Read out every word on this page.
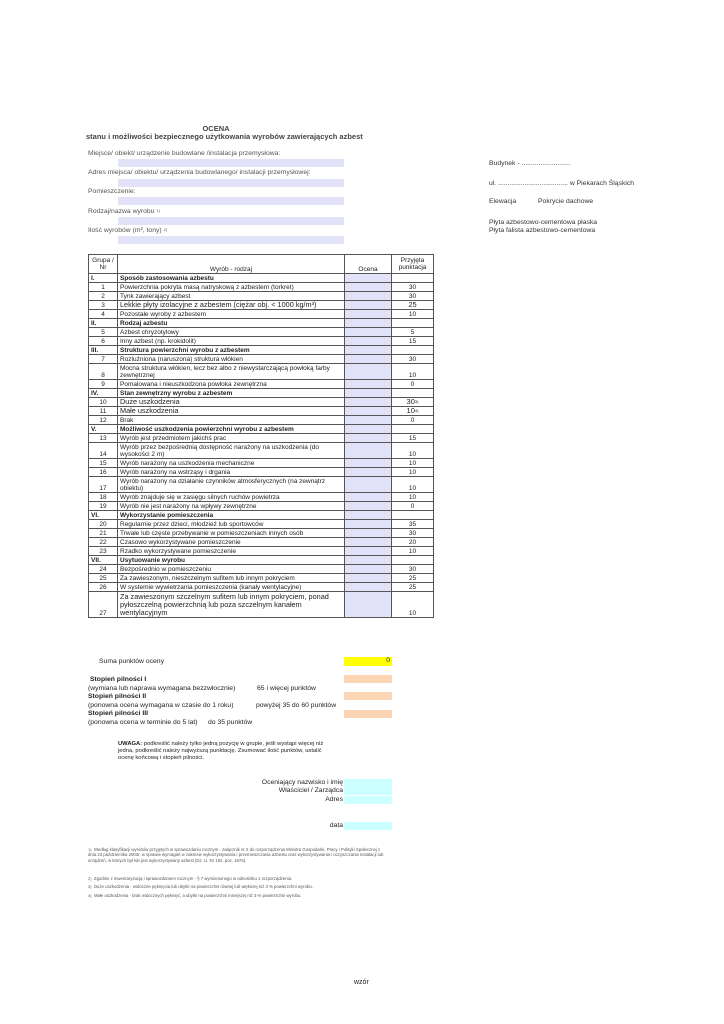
OCENA
stanu i możliwości bezpiecznego użytkowania wyrobów zawierających azbest
Miejsce/ obiekt/ urządzenie budowlane /instalacja przemysłowa:
Adres miejsca/ obiektu/ urządzenia budowlanego/ instalacji przemysłowej:
Pomieszczenie:
Rodzaj/nazwa wyrobu $^{1)}$
Ilość wyrobów (m², tony) $^{2)}$
Budynek - ..........................
ul. ..................................... w Piekarach Śląskich
Elewacja	Pokrycie dachowe
Płyta azbestowo-cementowa płaska
Płyta falista azbestowo-cementowa
Grupa / Nr	Wyrób - rodzaj	Ocena	Przyjęta punktacja
I.	Sposób zastosowania azbestu		
1	Powierzchnia pokryta masą natryskową z azbestem (torkret)		30
2	Tynk zawierający azbest		30
3	Lekkie płyty izolacyjne z azbestem (ciężar obj. < 1000 kg/m³)		25
4	Pozostałe wyroby z azbestem		10
II.	Rodzaj azbestu		
5	Azbest chryzotylowy		5
6	Inny azbest (np. krokidolit)		15
III.	Struktura powierzchni wyrobu z azbestem		
7	Rozluźniona (naruszona) struktura włókien		30
8	Mocna struktura włókien, lecz bez albo z niewystarczającą powłoką farby zewnętrznej		10
9	Pomalowana i nieuszkodzona powłoka zewnętrzna		0
IV.	Stan zewnętrzny wyrobu z azbestem		
10	Duże uszkodzenia		30$^{3)}$
11	Małe uszkodzenia		10$^{4)}$
12	Brak		0
V.	Możliwość uszkodzenia powierzchni wyrobu z azbestem		
13	Wyrób jest przedmiotem jakichś prac		15
14	Wyrób przez bezpośrednią dostępność narażony na uszkodzenia (do wysokości 2 m)		10
15	Wyrób narażony na uszkodzenia mechaniczne		10
16	Wyrób narażony na wstrząsy i drgania		10
17	Wyrób narażony na działanie czynników atmosferycznych (na zewnątrz obiektu)		10
18	Wyrób znajduje się w zasięgu silnych ruchów powietrza		10
19	Wyrób nie jest narażony na wpływy zewnętrzne		0
VI.	Wykorzystanie pomieszczenia		
20	Regularnie przez dzieci, młodzież lub sportowców		35
21	Trwałe lub częste przebywanie w pomieszczeniach innych osób		30
22	Czasowo wykorzystywane pomieszczenie		20
23	Rzadko wykorzystywane pomieszczenie		10
VII.	Usytuowanie wyrobu		
24	Bezpośrednio w pomieszczeniu		30
25	Za zawieszonym, nieszczelnym sufitem lub innym pokryciem		25
26	W systemie wywietrzania pomieszczenia (kanały wentylacyjne)		25
27	Za zawieszonym szczelnym sufitem lub innym pokryciem, ponad pyłoszczelną powierzchnią lub poza szczelnym kanałem wentylacyjnym		10
Suma punktów oceny	0
Stopień pilności I
(wymiana lub naprawa wymagana bezzwłocznie)	65 i więcej punktów
Stopień pilności II
(ponowna ocena wymagana w czasie do 1 roku)	powyżej 35 do 60 punktów
Stopień pilności III
(ponowna ocena w terminie do 5 lat) do 35 punktów
UWAGA: podkreślić należy tylko jedną pozycję w grupie, jeśli wystąpi więcej niż jedna, podkreślić należy najwyższą punktację. Zsumować ilość punktów, ustalić ocenę końcową i stopień pilności.
Oceniający nazwisko i imię
Właściciel / Zarządca
Adres
data
$^{1)}$ Według klasyfikacji wyrobów przyjętych w sprawozdaniu rocznym - załącznik nr 2 do rozporządzenia Ministra Gospodarki, Pracy i Polityki Społecznej z dnia 23 października 2003r. w sprawie wymagań w zakresie wykorzystywania i przemieszczania azbestu oraz wykorzystywania i oczyszczania instalacji lub urządzeń, w których był lub jest wykorzystywany azbest (Dz. U. Nr 192, poz. 1876).
$^{2)}$ Zgodnie z inwentaryzacją i sprawozdaniem rocznym - § 7 wymienionego w odnośniku 1 rozporządzenia.
$^{3)}$ Duże uszkodzenia - widoczne pęknięcia lub ubytki na powierzchni równej lub większej niż 3 % powierzchni wyrobu.
$^{4)}$ Małe uszkodzenia - brak widocznych pęknięć, a ubytki na powierzchni mniejszej niż 3 % powierzchni wyrobu.
wzór
